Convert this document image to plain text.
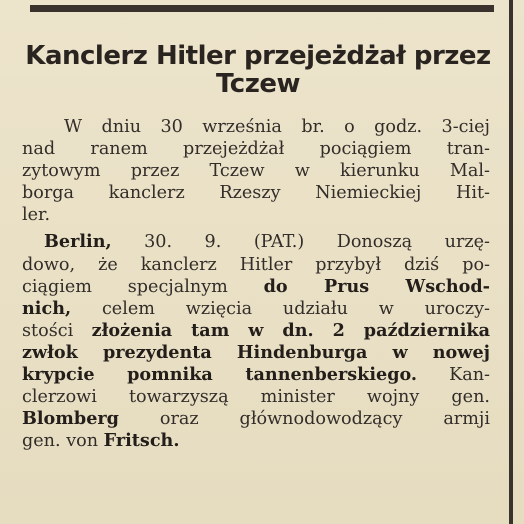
Kanclerz Hitler przejeżdżał przez
Tczew
W dniu 30 września br. o godz. 3-ciej
nad ranem przejeżdżał pociągiem tran-
zytowym przez Tczew w kierunku Mal-
borga kanclerz Rzeszy Niemieckiej Hit-
ler.
Berlin, 30. 9. (PAT.) Donoszą urzę-
dowo, że kanclerz Hitler przybył dziś po-
ciągiem specjalnym do Prus Wschod-
nich, celem wzięcia udziału w uroczy-
stości złożenia tam w dn. 2 października
zwłok prezydenta Hindenburga w nowej
krypcie pomnika tannenberskiego. Kan-
clerzowi towarzyszą minister wojny gen.
Blomberg oraz głównodowodzący armji
gen. von Fritsch.
